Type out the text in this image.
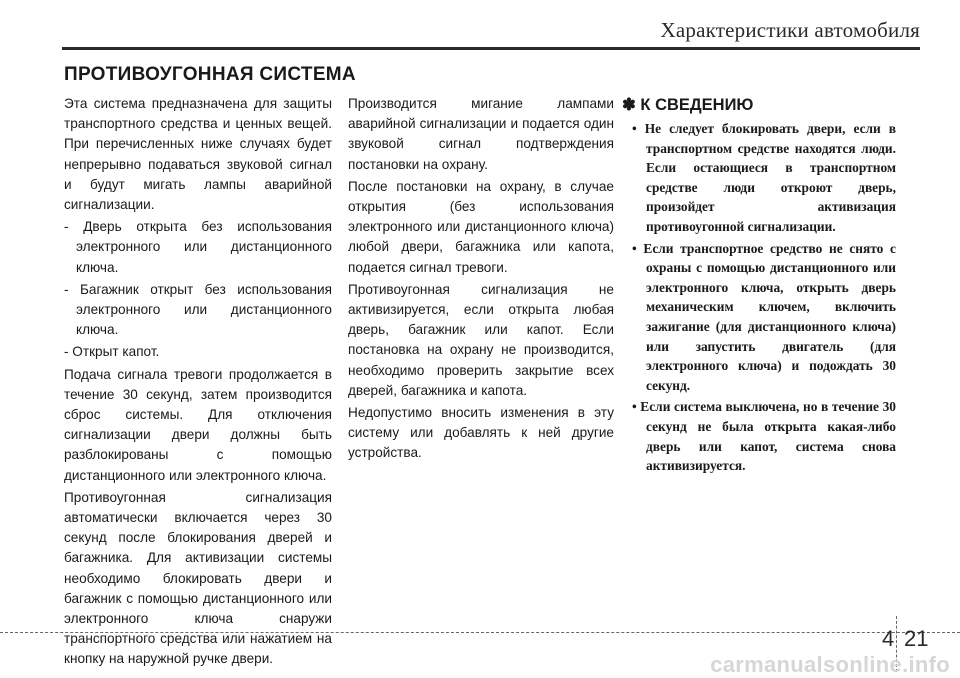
Характеристики автомобиля
ПРОТИВОУГОННАЯ СИСТЕМА

Эта система предназначена для защиты транспортного средства и ценных вещей. При перечисленных ниже случаях будет непрерывно подаваться звуковой сигнал и будут мигать лампы аварийной сигнализации.

- Дверь открыта без использования электронного или дистанционного ключа.

- Багажник открыт без использования электронного или дистанционного ключа.

- Открыт капот.

Подача сигнала тревоги продолжается в течение 30 секунд, затем производится сброс системы. Для отключения сигнализации двери должны быть разблокированы с помощью дистанционного или электронного ключа.

Противоугонная сигнализация автоматически включается через 30 секунд после блокирования дверей и багажника. Для активизации системы необходимо блокировать двери и багажник с помощью дистанционного или электронного ключа снаружи транспортного средства или нажатием на кнопку на наружной ручке двери.

Производится мигание лампами аварийной сигнализации и подается один звуковой сигнал подтверждения постановки на охрану.

После постановки на охрану, в случае открытия (без использования электронного или дистанционного ключа) любой двери, багажника или капота, подается сигнал тревоги.

Противоугонная сигнализация не активизируется, если открыта любая дверь, багажник или капот. Если постановка на охрану не производится, необходимо проверить закрытие всех дверей, багажника и капота.

Недопустимо вносить изменения в эту систему или добавлять к ней другие устройства.

✽ К СВЕДЕНИЮ

• Не следует блокировать двери, если в транспортном средстве находятся люди. Если остающиеся в транспортном средстве люди откроют дверь, произойдет активизация противоугонной сигнализации.

• Если транспортное средство не снято с охраны с помощью дистанционного или электронного ключа, открыть дверь механическим ключем, включить зажигание (для дистанционного ключа) или запустить двигатель (для электронного ключа) и подождать 30 секунд.

• Если система выключена, но в течение 30 секунд не была открыта какая-либо дверь или капот, система снова активизируется.

4 21
carmanualsonline.info
